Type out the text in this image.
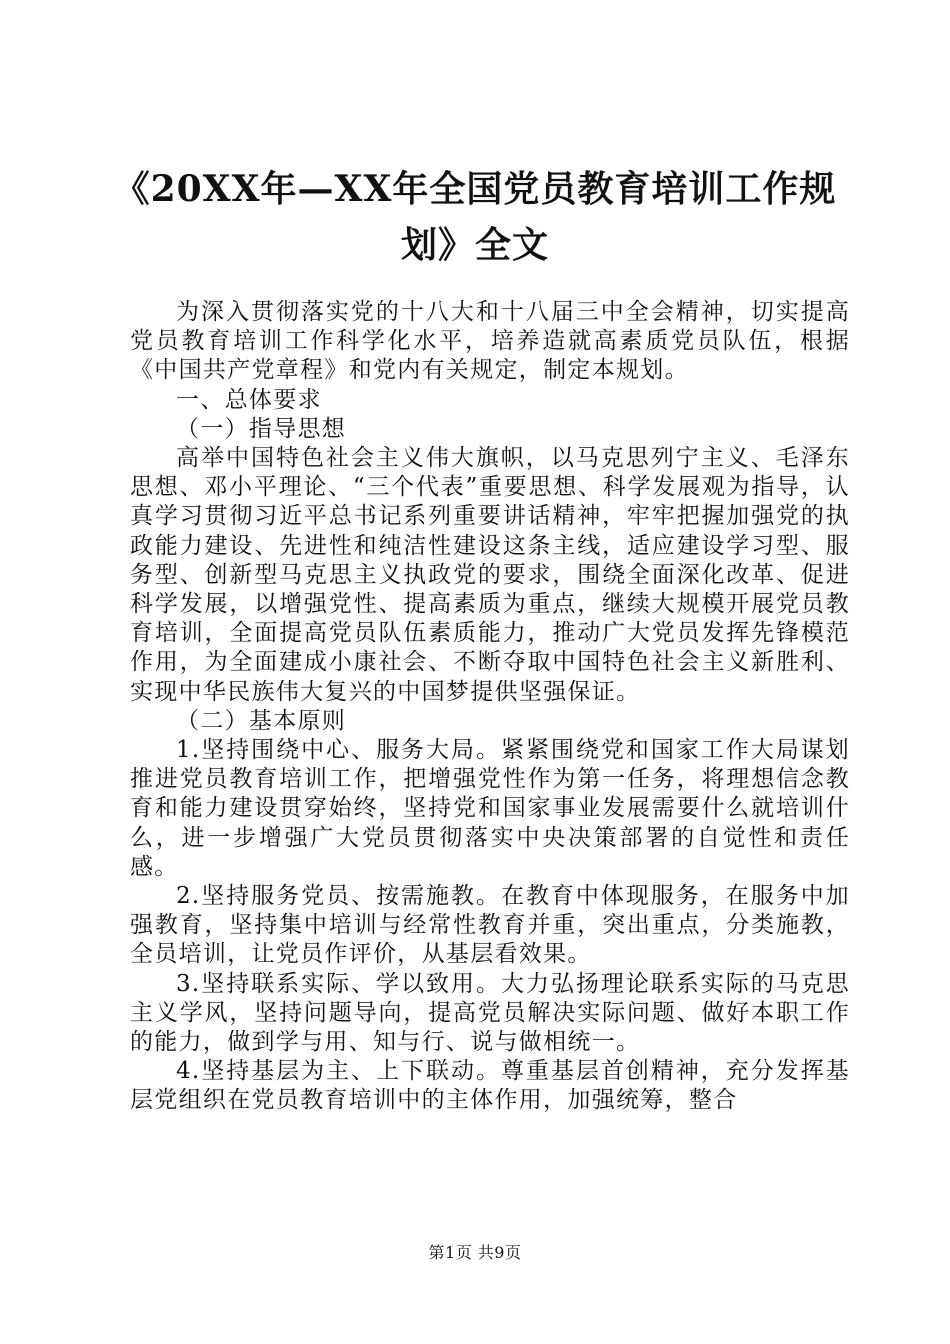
《20XX年—XX年全国党员教育培训工作规
划》全文

为深入贯彻落实党的十八大和十八届三中全会精神，切实提高党员教育培训工作科学化水平，培养造就高素质党员队伍，根据《中国共产党章程》和党内有关规定，制定本规划。

一、总体要求

（一）指导思想

高举中国特色社会主义伟大旗帜，以马克思列宁主义、毛泽东思想、邓小平理论、“三个代表”重要思想、科学发展观为指导，认真学习贯彻习近平总书记系列重要讲话精神，牢牢把握加强党的执政能力建设、先进性和纯洁性建设这条主线，适应建设学习型、服务型、创新型马克思主义执政党的要求，围绕全面深化改革、促进科学发展，以增强党性、提高素质为重点，继续大规模开展党员教育培训，全面提高党员队伍素质能力，推动广大党员发挥先锋模范作用，为全面建成小康社会、不断夺取中国特色社会主义新胜利、实现中华民族伟大复兴的中国梦提供坚强保证。

（二）基本原则

1.坚持围绕中心、服务大局。紧紧围绕党和国家工作大局谋划推进党员教育培训工作，把增强党性作为第一任务，将理想信念教育和能力建设贯穿始终，坚持党和国家事业发展需要什么就培训什么，进一步增强广大党员贯彻落实中央决策部署的自觉性和责任感。

2.坚持服务党员、按需施教。在教育中体现服务，在服务中加强教育，坚持集中培训与经常性教育并重，突出重点，分类施教，全员培训，让党员作评价，从基层看效果。

3.坚持联系实际、学以致用。大力弘扬理论联系实际的马克思主义学风，坚持问题导向，提高党员解决实际问题、做好本职工作的能力，做到学与用、知与行、说与做相统一。

4.坚持基层为主、上下联动。尊重基层首创精神，充分发挥基层党组织在党员教育培训中的主体作用，加强统筹，整合

第1页 共9页
